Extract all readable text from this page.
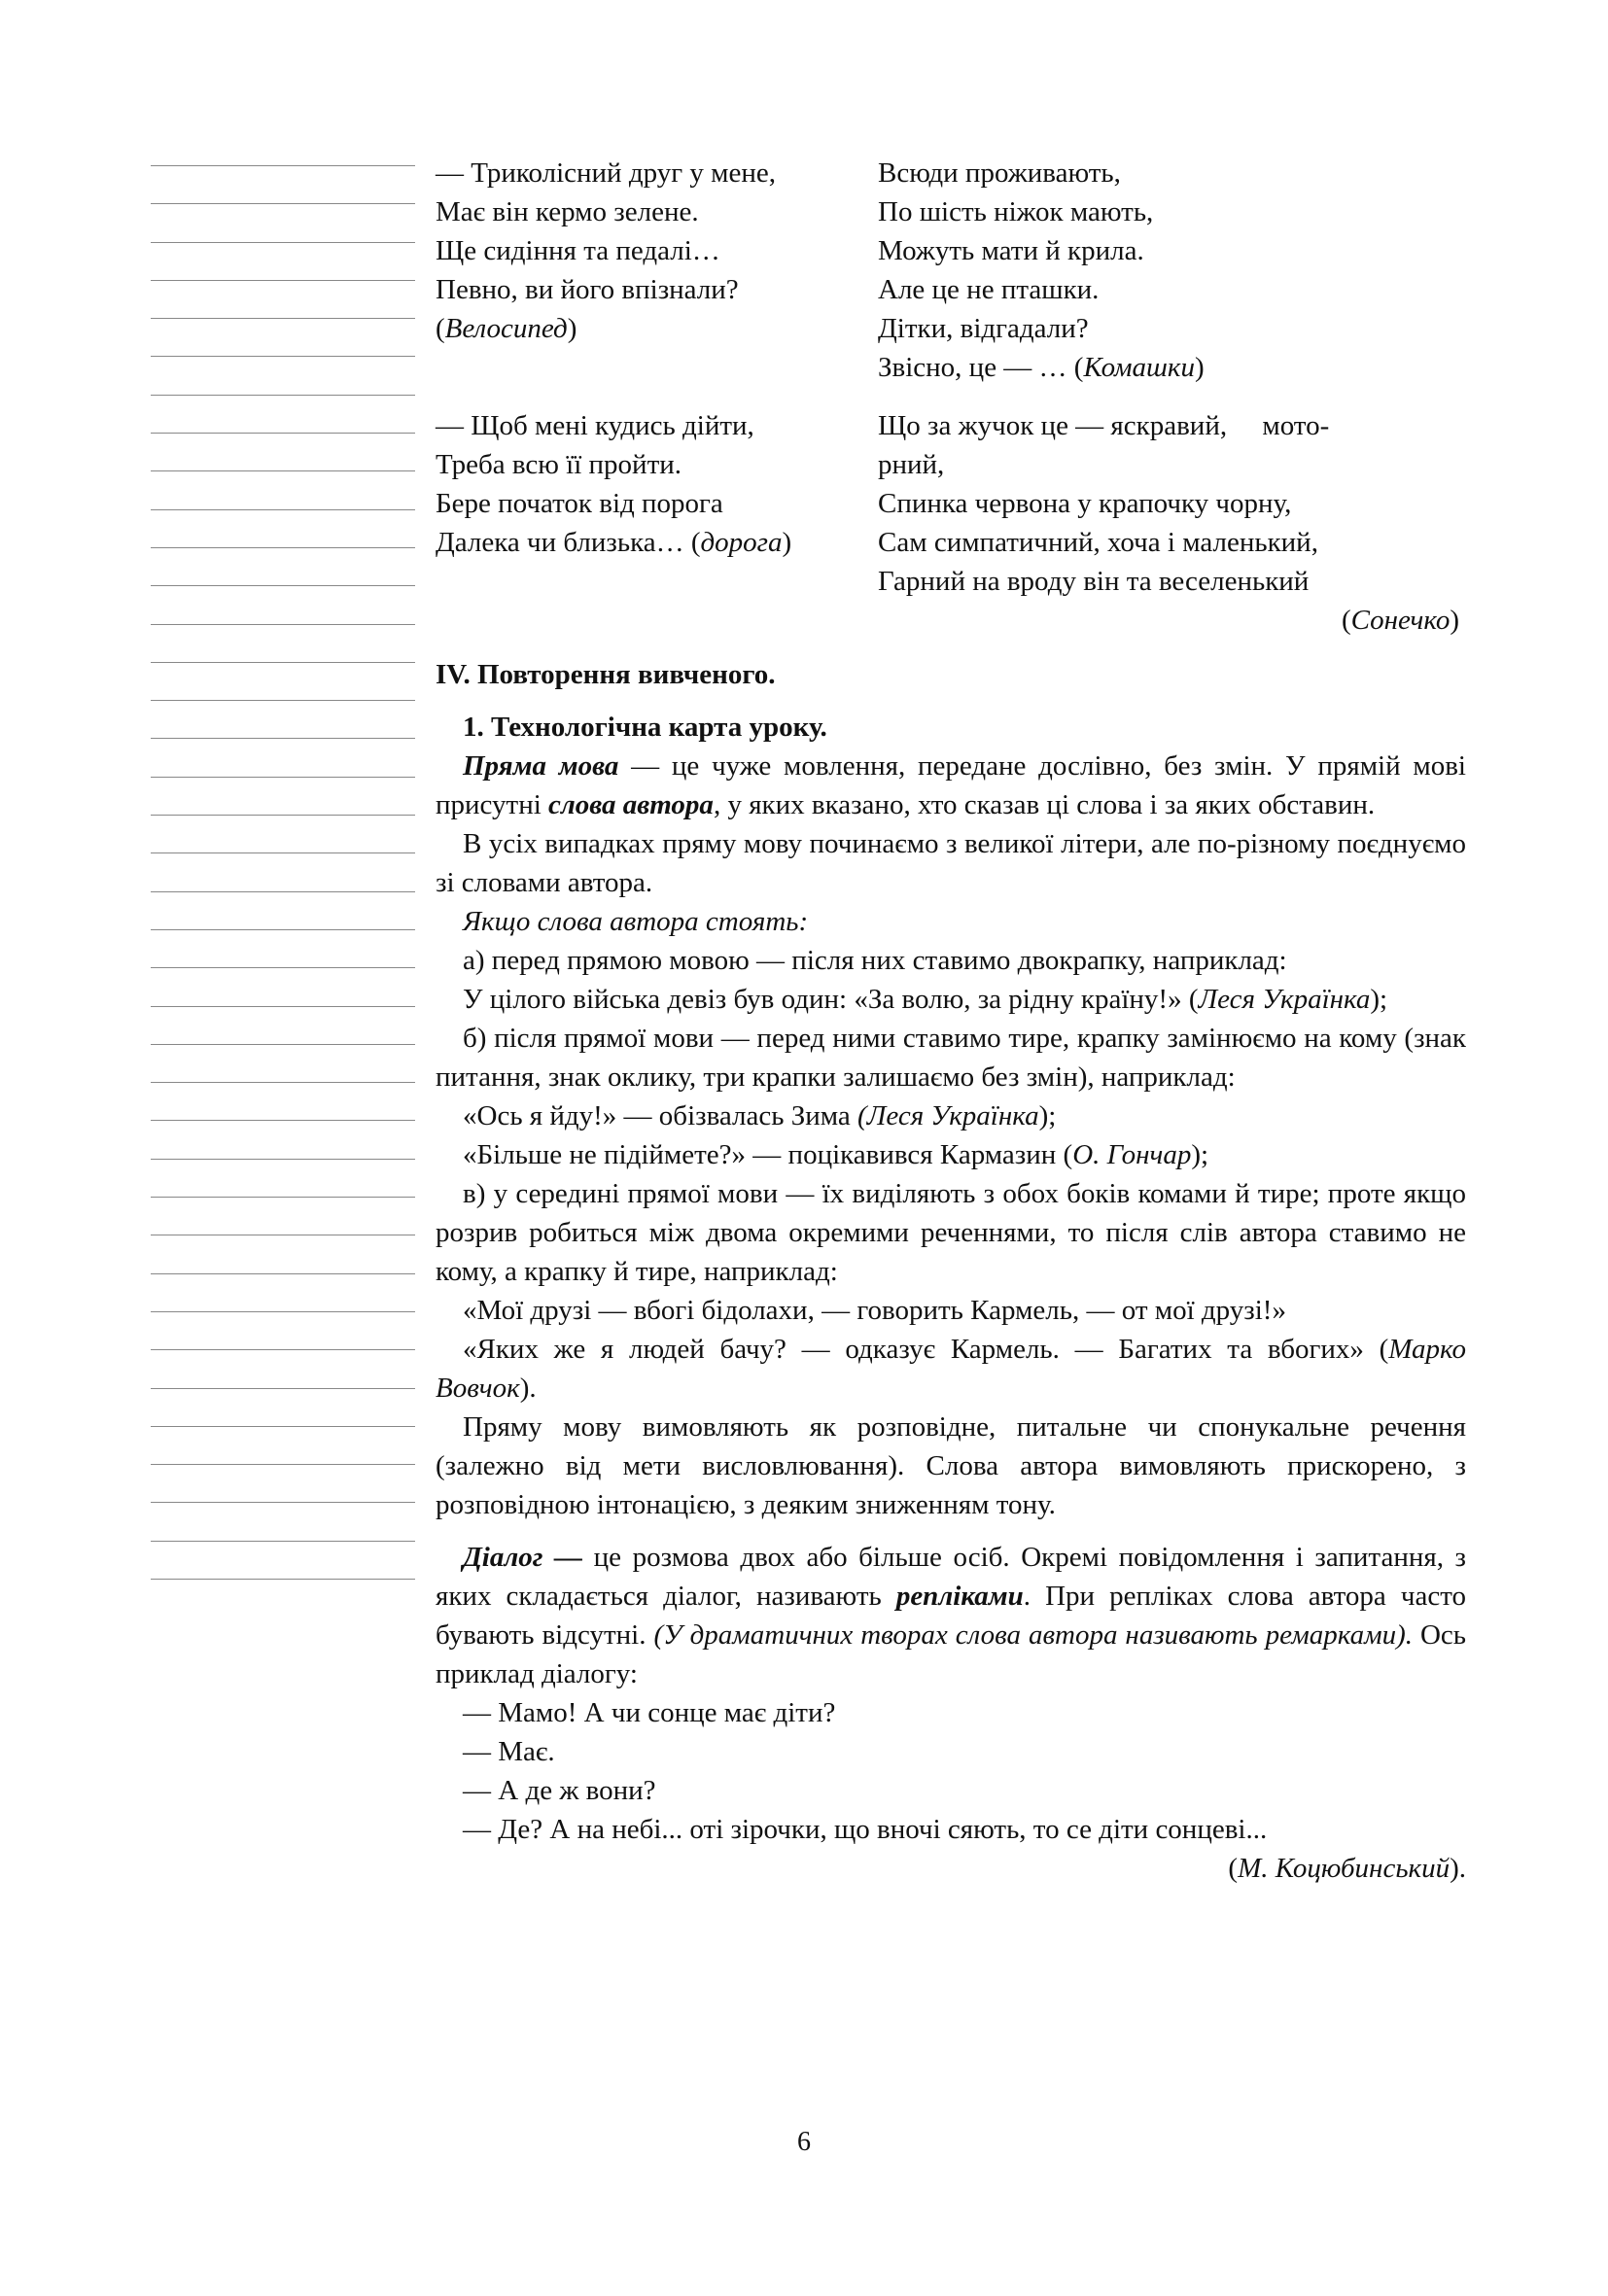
— Триколісний друг у мене,
Має він кермо зелене.
Ще сидіння та педалі…
Певно, ви його впізнали?
(Велосипед)
Всюди проживають,
По шість ніжок мають,
Можуть мати й крила.
Але це не пташки.
Дітки, відгадали?
Звісно, це — … (Комашки)
— Щоб мені кудись дійти,
Треба всю її пройти.
Бере початок від порога
Далека чи близька… (дорога)
Що за жучок це — яскравий,     мото-
рний,
Спинка червона у крапочку чорну,
Сам симпатичний, хоча і маленький,
Гарний на вроду він та веселенький
(Сонечко)
IV. Повторення вивченого.
1. Технологічна карта уроку.

Пряма мова — це чуже мовлення, передане дослівно, без змін. У прямій мові присутні слова автора, у яких вказано, хто сказав ці слова і за яких обставин.

В усіх випадках пряму мову починаємо з великої літери, але по-різному поєднуємо зі словами автора.

Якщо слова автора стоять:

а) перед прямою мовою — після них ставимо двокрапку, наприклад:

У цілого війська девіз був один: «За волю, за рідну країну!» (Леся Українка);

б) після прямої мови — перед ними ставимо тире, крапку замінюємо на кому (знак питання, знак оклику, три крапки залишаємо без змін), наприклад:

«Ось я йду!» — обізвалась Зима (Леся Українка);

«Більше не підіймете?» — поцікавився Кармазин (О. Гончар);

в) у середині прямої мови — їх виділяють з обох боків комами й тире; проте якщо розрив робиться між двома окремими реченнями, то після слів автора ставимо не кому, а крапку й тире, наприклад:

«Мої друзі — вбогі бідолахи, — говорить Кармель, — от мої друзі!»

«Яких же я людей бачу? — одказує Кармель. — Багатих та вбогих» (Марко Вовчок).

Пряму мову вимовляють як розповідне, питальне чи спонукальне речення (залежно від мети висловлювання). Слова автора вимовляють прискорено, з розповідною інтонацією, з деяким зниженням тону.

Діалог — це розмова двох або більше осіб. Окремі повідомлення і запитання, з яких складається діалог, називають репліками. При репліках слова автора часто бувають відсутні. (У драматичних творах слова автора називають ремарками). Ось приклад діалогу:

— Мамо! А чи сонце має діти?
— Має.
— А де ж вони?
— Де? А на небі... оті зірочки, що вночі сяють, то се діти сонцеві...
(М. Коцюбинський).
6
